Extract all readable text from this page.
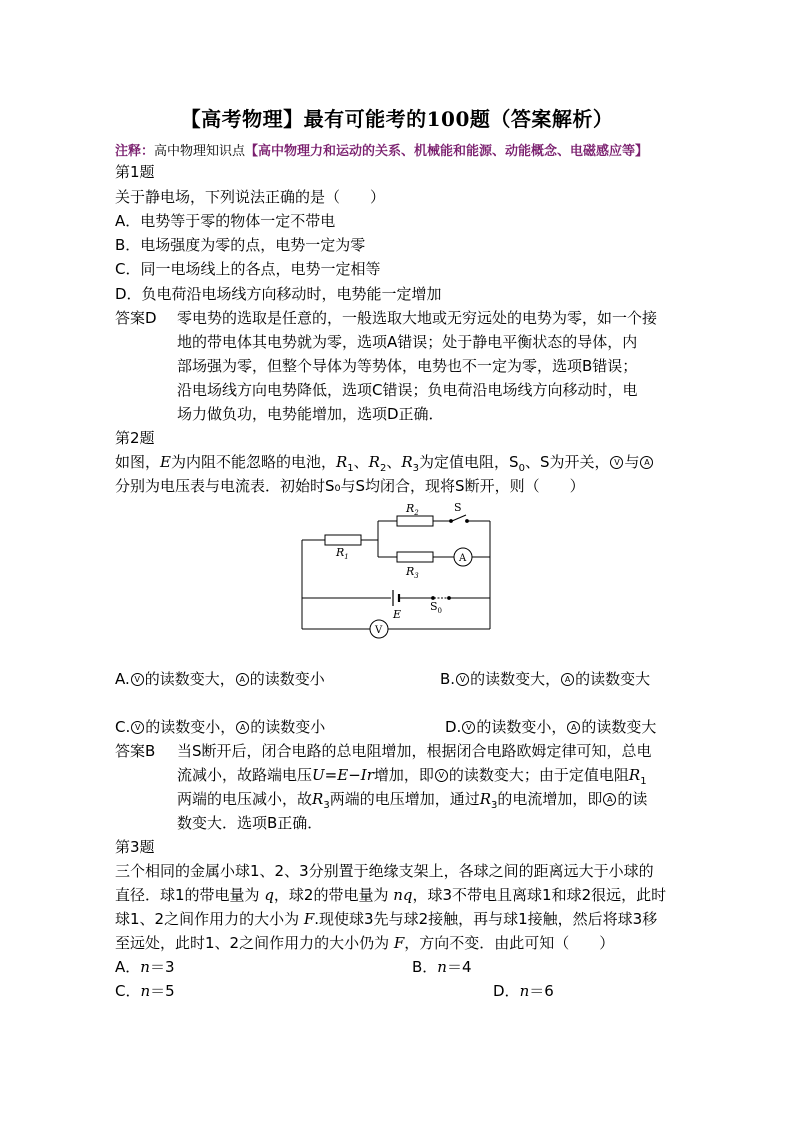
【高考物理】最有可能考的100题（答案解析）
注释：高中物理知识点【高中物理力和运动的关系、机械能和能源、动能概念、电磁感应等】
第1题
关于静电场，下列说法正确的是（　　）
A．电势等于零的物体一定不带电
B．电场强度为零的点，电势一定为零
C．同一电场线上的各点，电势一定相等
D．负电荷沿电场线方向移动时，电势能一定增加
答案D 零电势的选取是任意的，一般选取大地或无穷远处的电势为零，如一个接
地的带电体其电势就为零，选项A错误；处于静电平衡状态的导体，内
部场强为零，但整个导体为等势体，电势也不一定为零，选项B错误；
沿电场线方向电势降低，选项C错误；负电荷沿电场线方向移动时，电
场力做负功，电势能增加，选项D正确．
第2题
如图，E为内阻不能忽略的电池，$R_1$、$R_2$、$R_3$为定值电阻，$S_0$、S为开关， V 与 A
分别为电压表与电流表．初始时S₀与S均闭合，现将S断开，则（　　）
$R_1$
$R_2$
$R_3$
S
$S_0$
E
A
V
A. V 的读数变大， A 的读数变小	B. V 的读数变大， A 的读数变大
C. V 的读数变小， A 的读数变小	D. V 的读数变小， A 的读数变大
答案B 当S断开后，闭合电路的总电阻增加，根据闭合电路欧姆定律可知，总电
流减小，故路端电压U=E−Ir增加，即 V 的读数变大；由于定值电阻$R_1$
两端的电压减小，故$R_3$两端的电压增加，通过$R_3$的电流增加，即 A 的读
数变大．选项B正确．
第3题
三个相同的金属小球1、2、3分别置于绝缘支架上，各球之间的距离远大于小球的
直径．球1的带电量为 q，球2的带电量为 nq，球3不带电且离球1和球2很远，此时
球1、2之间作用力的大小为 F.现使球3先与球2接触，再与球1接触，然后将球3移
至远处，此时1、2之间作用力的大小仍为 F，方向不变．由此可知（　　）
A．n＝3	B．n＝4
C．n＝5	D．n＝6
